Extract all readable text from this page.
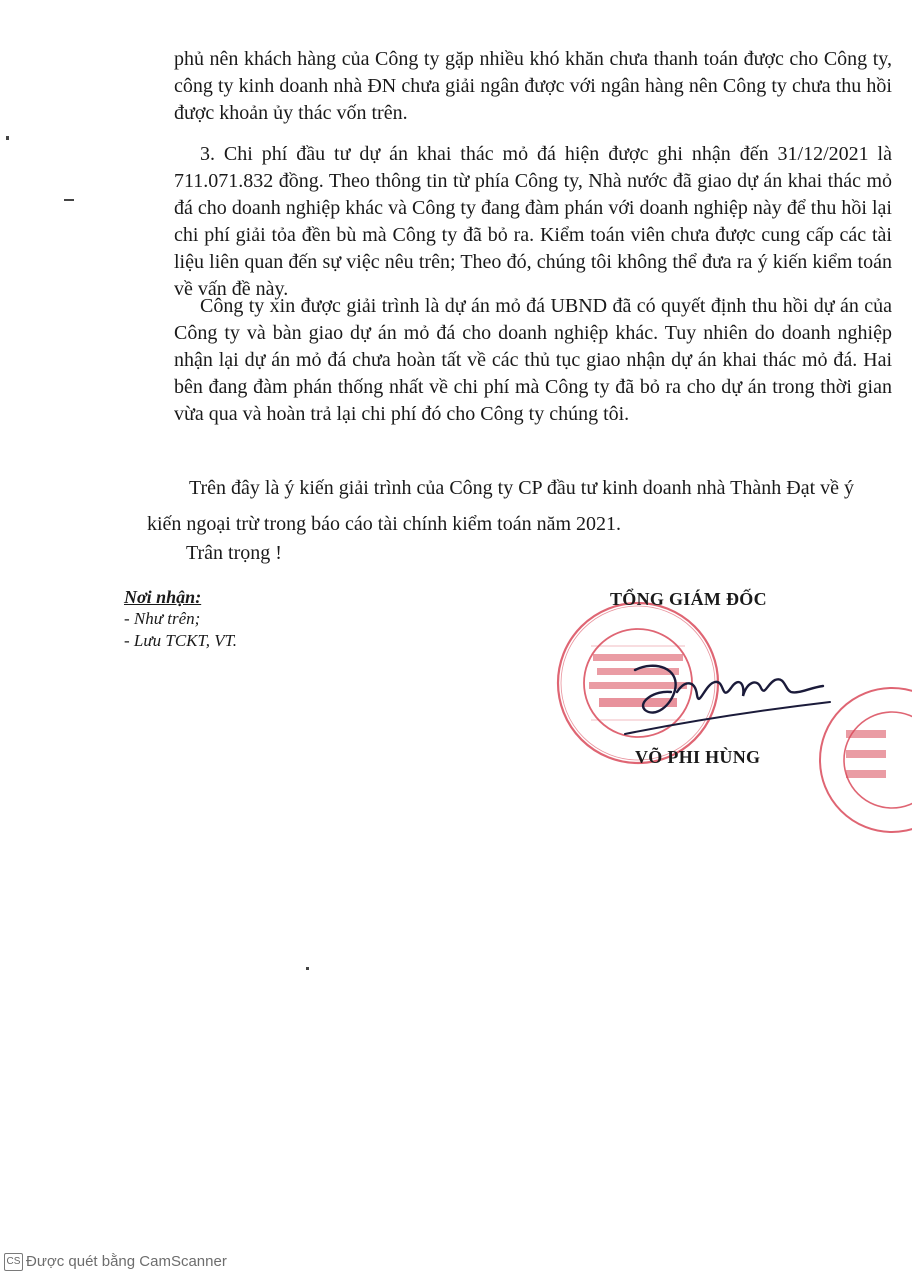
phủ nên khách hàng của Công ty gặp nhiều khó khăn chưa thanh toán được cho Công ty, công ty kinh doanh nhà ĐN chưa giải ngân được với ngân hàng nên Công ty chưa thu hồi được khoản ủy thác vốn trên.

3. Chi phí đầu tư dự án khai thác mỏ đá hiện được ghi nhận đến 31/12/2021 là 711.071.832 đồng. Theo thông tin từ phía Công ty, Nhà nước đã giao dự án khai thác mỏ đá cho doanh nghiệp khác và Công ty đang đàm phán với doanh nghiệp này để thu hồi lại chi phí giải tỏa đền bù mà Công ty đã bỏ ra. Kiểm toán viên chưa được cung cấp các tài liệu liên quan đến sự việc nêu trên; Theo đó, chúng tôi không thể đưa ra ý kiến kiểm toán về vấn đề này.

Công ty xin được giải trình là dự án mỏ đá UBND đã có quyết định thu hồi dự án của Công ty và bàn giao dự án mỏ đá cho doanh nghiệp khác. Tuy nhiên do doanh nghiệp nhận lại dự án mỏ đá chưa hoàn tất về các thủ tục giao nhận dự án khai thác mỏ đá. Hai bên đang đàm phán thống nhất về chi phí mà Công ty đã bỏ ra cho dự án trong thời gian vừa qua và hoàn trả lại chi phí đó cho Công ty chúng tôi.

Trên đây là ý kiến giải trình của Công ty CP đầu tư kinh doanh nhà Thành Đạt về ý kiến ngoại trừ trong báo cáo tài chính kiểm toán năm 2021.

Trân trọng !

Nơi nhận:
- Như trên;
- Lưu TCKT, VT.
TỔNG GIÁM ĐỐC
VÕ PHI HÙNG
CS Được quét bằng CamScanner
